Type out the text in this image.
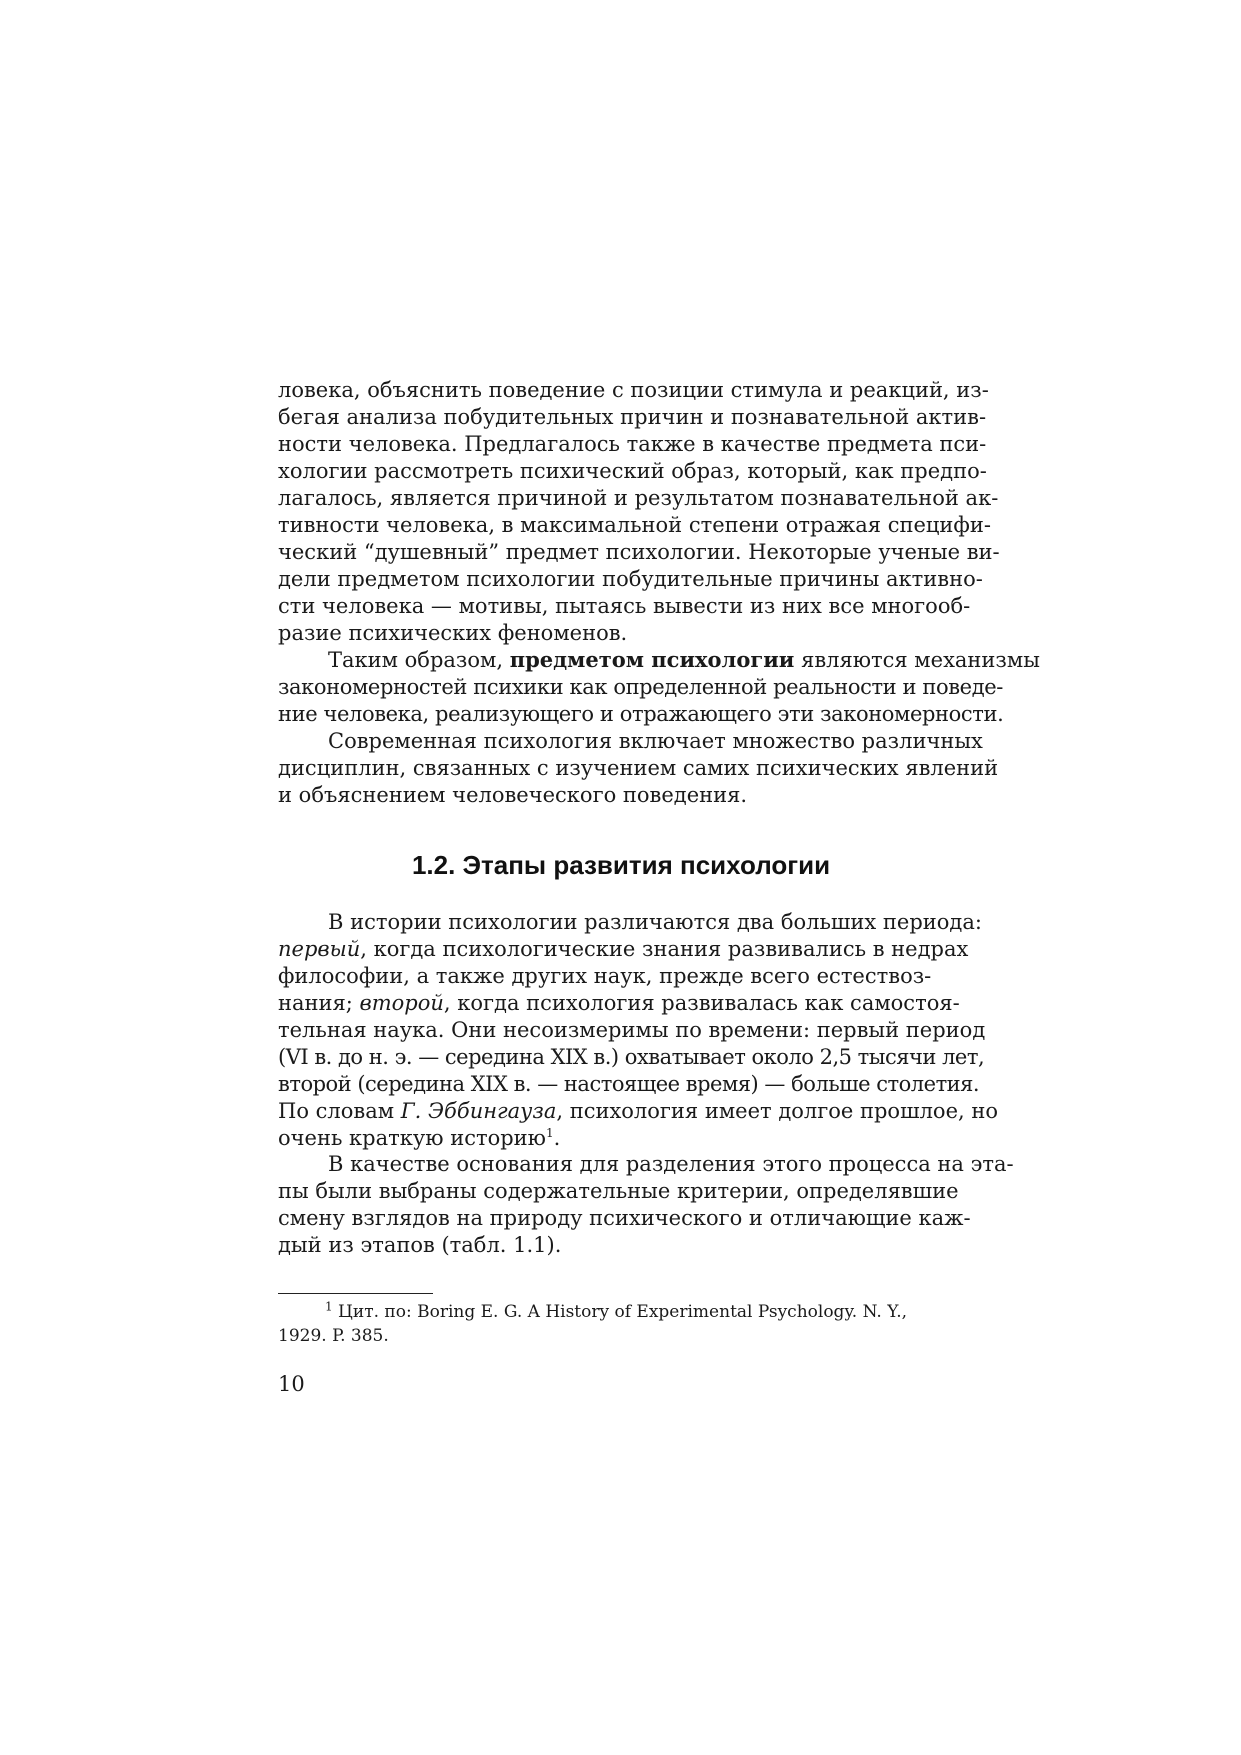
ловека, объяснить поведение с позиции стимула и реакций, из-
бегая анализа побудительных причин и познавательной актив-
ности человека. Предлагалось также в качестве предмета пси-
хологии рассмотреть психический образ, который, как предпо-
лагалось, является причиной и результатом познавательной ак-
тивности человека, в максимальной степени отражая специфи-
ческий “душевный” предмет психологии. Некоторые ученые ви-
дели предметом психологии побудительные причины активно-
сти человека — мотивы, пытаясь вывести из них все многооб-
разие психических феноменов.
Таким образом, предметом психологии являются механизмы
закономерностей психики как определенной реальности и поведе-
ние человека, реализующего и отражающего эти закономерности.
Современная психология включает множество различных
дисциплин, связанных с изучением самих психических явлений
и объяснением человеческого поведения.
1.2. Этапы развития психологии
В истории психологии различаются два больших периода:
первый, когда психологические знания развивались в недрах
философии, а также других наук, прежде всего естествоз-
нания; второй, когда психология развивалась как самостоя-
тельная наука. Они несоизмеримы по времени: первый период
(VI в. до н. э. — середина XIX в.) охватывает около 2,5 тысячи лет,
второй (середина XIX в. — настоящее время) — больше столетия.
По словам Г. Эббингауза, психология имеет долгое прошлое, но
очень краткую историю$^1$.
В качестве основания для разделения этого процесса на эта-
пы были выбраны содержательные критерии, определявшие
смену взглядов на природу психического и отличающие каж-
дый из этапов (табл. 1.1).
$^1$ Цит. по: Boring E. G. A History of Experimental Psychology. N. Y.,
1929. P. 385.
10
